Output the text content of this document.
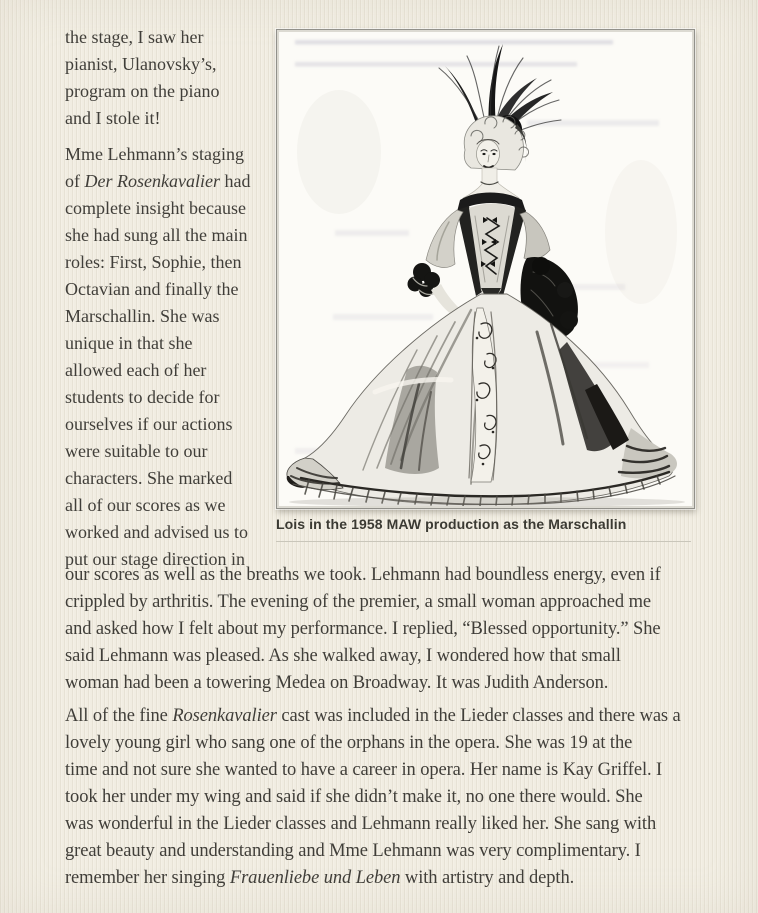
the stage, I saw her
pianist, Ulanovsky’s,
program on the piano
and I stole it!
Mme Lehmann’s staging
of Der Rosenkavalier had
complete insight because
she had sung all the main
roles: First, Sophie, then
Octavian and finally the
Marschallin. She was
unique in that she
allowed each of her
students to decide for
ourselves if our actions
were suitable to our
characters. She marked
all of our scores as we
worked and advised us to
put our stage direction in
Lois in the 1958 MAW production as the Marschallin
our scores as well as the breaths we took. Lehmann had boundless energy, even if
crippled by arthritis. The evening of the premier, a small woman approached me
and asked how I felt about my performance. I replied, “Blessed opportunity.” She
said Lehmann was pleased. As she walked away, I wondered how that small
woman had been a towering Medea on Broadway. It was Judith Anderson.
All of the fine Rosenkavalier cast was included in the Lieder classes and there was a
lovely young girl who sang one of the orphans in the opera. She was 19 at the
time and not sure she wanted to have a career in opera. Her name is Kay Griffel. I
took her under my wing and said if she didn’t make it, no one there would. She
was wonderful in the Lieder classes and Lehmann really liked her. She sang with
great beauty and understanding and Mme Lehmann was very complimentary. I
remember her singing Frauenliebe und Leben with artistry and depth.
